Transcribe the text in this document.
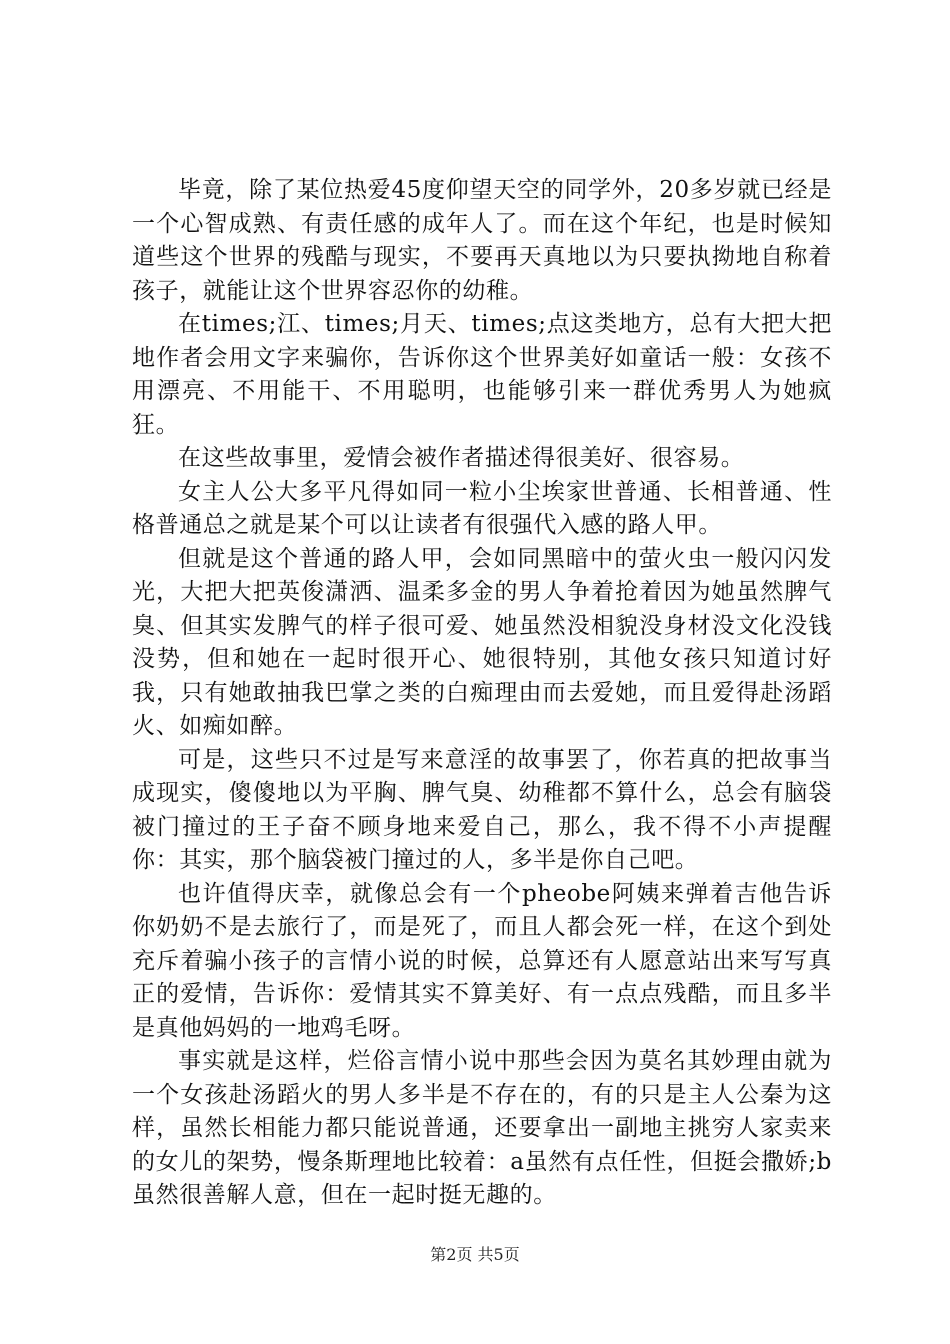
毕竟，除了某位热爱45度仰望天空的同学外，20多岁就已经是一个心智成熟、有责任感的成年人了。而在这个年纪，也是时候知道些这个世界的残酷与现实，不要再天真地以为只要执拗地自称着孩子，就能让这个世界容忍你的幼稚。

在times;江、times;月天、times;点这类地方，总有大把大把地作者会用文字来骗你，告诉你这个世界美好如童话一般：女孩不用漂亮、不用能干、不用聪明，也能够引来一群优秀男人为她疯狂。

在这些故事里，爱情会被作者描述得很美好、很容易。

女主人公大多平凡得如同一粒小尘埃家世普通、长相普通、性格普通总之就是某个可以让读者有很强代入感的路人甲。

但就是这个普通的路人甲，会如同黑暗中的萤火虫一般闪闪发光，大把大把英俊潇洒、温柔多金的男人争着抢着因为她虽然脾气臭、但其实发脾气的样子很可爱、她虽然没相貌没身材没文化没钱没势，但和她在一起时很开心、她很特别，其他女孩只知道讨好我，只有她敢抽我巴掌之类的白痴理由而去爱她，而且爱得赴汤蹈火、如痴如醉。

可是，这些只不过是写来意淫的故事罢了，你若真的把故事当成现实，傻傻地以为平胸、脾气臭、幼稚都不算什么，总会有脑袋被门撞过的王子奋不顾身地来爱自己，那么，我不得不小声提醒你：其实，那个脑袋被门撞过的人，多半是你自己吧。

也许值得庆幸，就像总会有一个pheobe阿姨来弹着吉他告诉你奶奶不是去旅行了，而是死了，而且人都会死一样，在这个到处充斥着骗小孩子的言情小说的时候，总算还有人愿意站出来写写真正的爱情，告诉你：爱情其实不算美好、有一点点残酷，而且多半是真他妈妈的一地鸡毛呀。

事实就是这样，烂俗言情小说中那些会因为莫名其妙理由就为一个女孩赴汤蹈火的男人多半是不存在的，有的只是主人公秦为这样，虽然长相能力都只能说普通，还要拿出一副地主挑穷人家卖来的女儿的架势，慢条斯理地比较着：a虽然有点任性，但挺会撒娇;b虽然很善解人意，但在一起时挺无趣的。

第2页 共5页
